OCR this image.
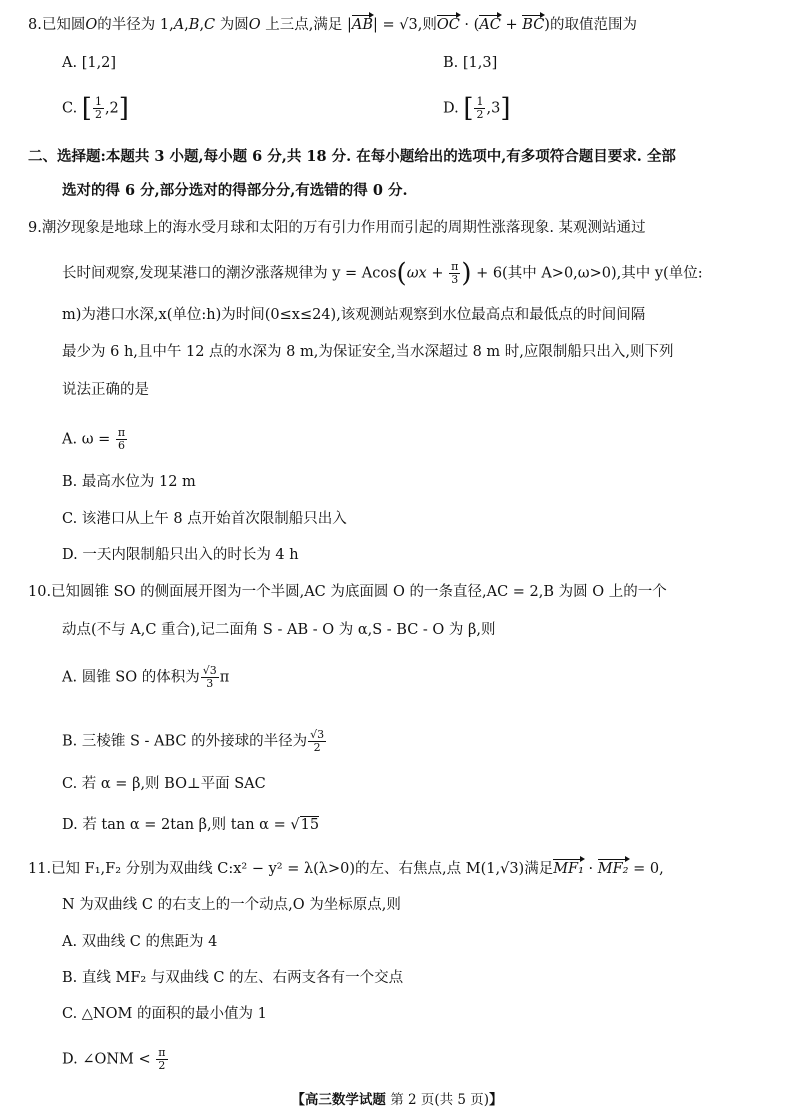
8.已知圆O的半径为 1,A,B,C 为圆O 上三点,满足 |AB| = √3,则OC · (AC + BC)的取值范围为
A. [1,2]	B. [1,3]
C. [ $\frac{1}{2} ,2$]	D. [ $\frac{1}{2} ,3$]
二、选择题:本题共 3 小题,每小题 6 分,共 18 分. 在每小题给出的选项中,有多项符合题目要求. 全部
选对的得 6 分,部分选对的得部分分,有选错的得 0 分.
9.潮汐现象是地球上的海水受月球和太阳的万有引力作用而引起的周期性涨落现象. 某观测站通过
长时间观察,发现某港口的潮汐涨落规律为 $y = Acos(\omega x + \frac{\pi}{3}$ ) + 6(其中 A>0,ω>0),其中 y(单位:
m)为港口水深,x(单位:h)为时间(0≤x≤24),该观测站观察到水位最高点和最低点的时间间隔
最少为 6 h,且中午 12 点的水深为 8 m,为保证安全,当水深超过 8 m 时,应限制船只出入,则下列
说法正确的是
A. $\omega = \frac{\pi}{6}$
B. 最高水位为 12 m
C. 该港口从上午 8 点开始首次限制船只出入
D. 一天内限制船只出入的时长为 4 h
10.已知圆锥 SO 的侧面展开图为一个半圆,AC 为底面圆 O 的一条直径,AC = 2,B 为圆 O 上的一个
动点(不与 A,C 重合),记二面角 S - AB - O 为 α,S - BC - O 为 β,则
A. 圆锥 SO 的体积为 $\frac{√3}{3}$ π
B. 三棱锥 S - ABC 的外接球的半径为 $\frac{√3}{2}$
C. 若 α = β,则 BO⊥平面 SAC
D. 若 tan α = 2tan β,则 tan α = √15
11.已知 F₁,F₂ 分别为双曲线 C:x² − y² = λ(λ>0)的左、右焦点,点 M(1,√3)满足MF₁ · MF₂ = 0,
N 为双曲线 C 的右支上的一个动点,O 为坐标原点,则
A. 双曲线 C 的焦距为 4
B. 直线 MF₂ 与双曲线 C 的左、右两支各有一个交点
C. △NOM 的面积的最小值为 1
D. ∠ONM < $\frac{\pi}{2}$
【高三数学试题 第 2 页(共 5 页)】
